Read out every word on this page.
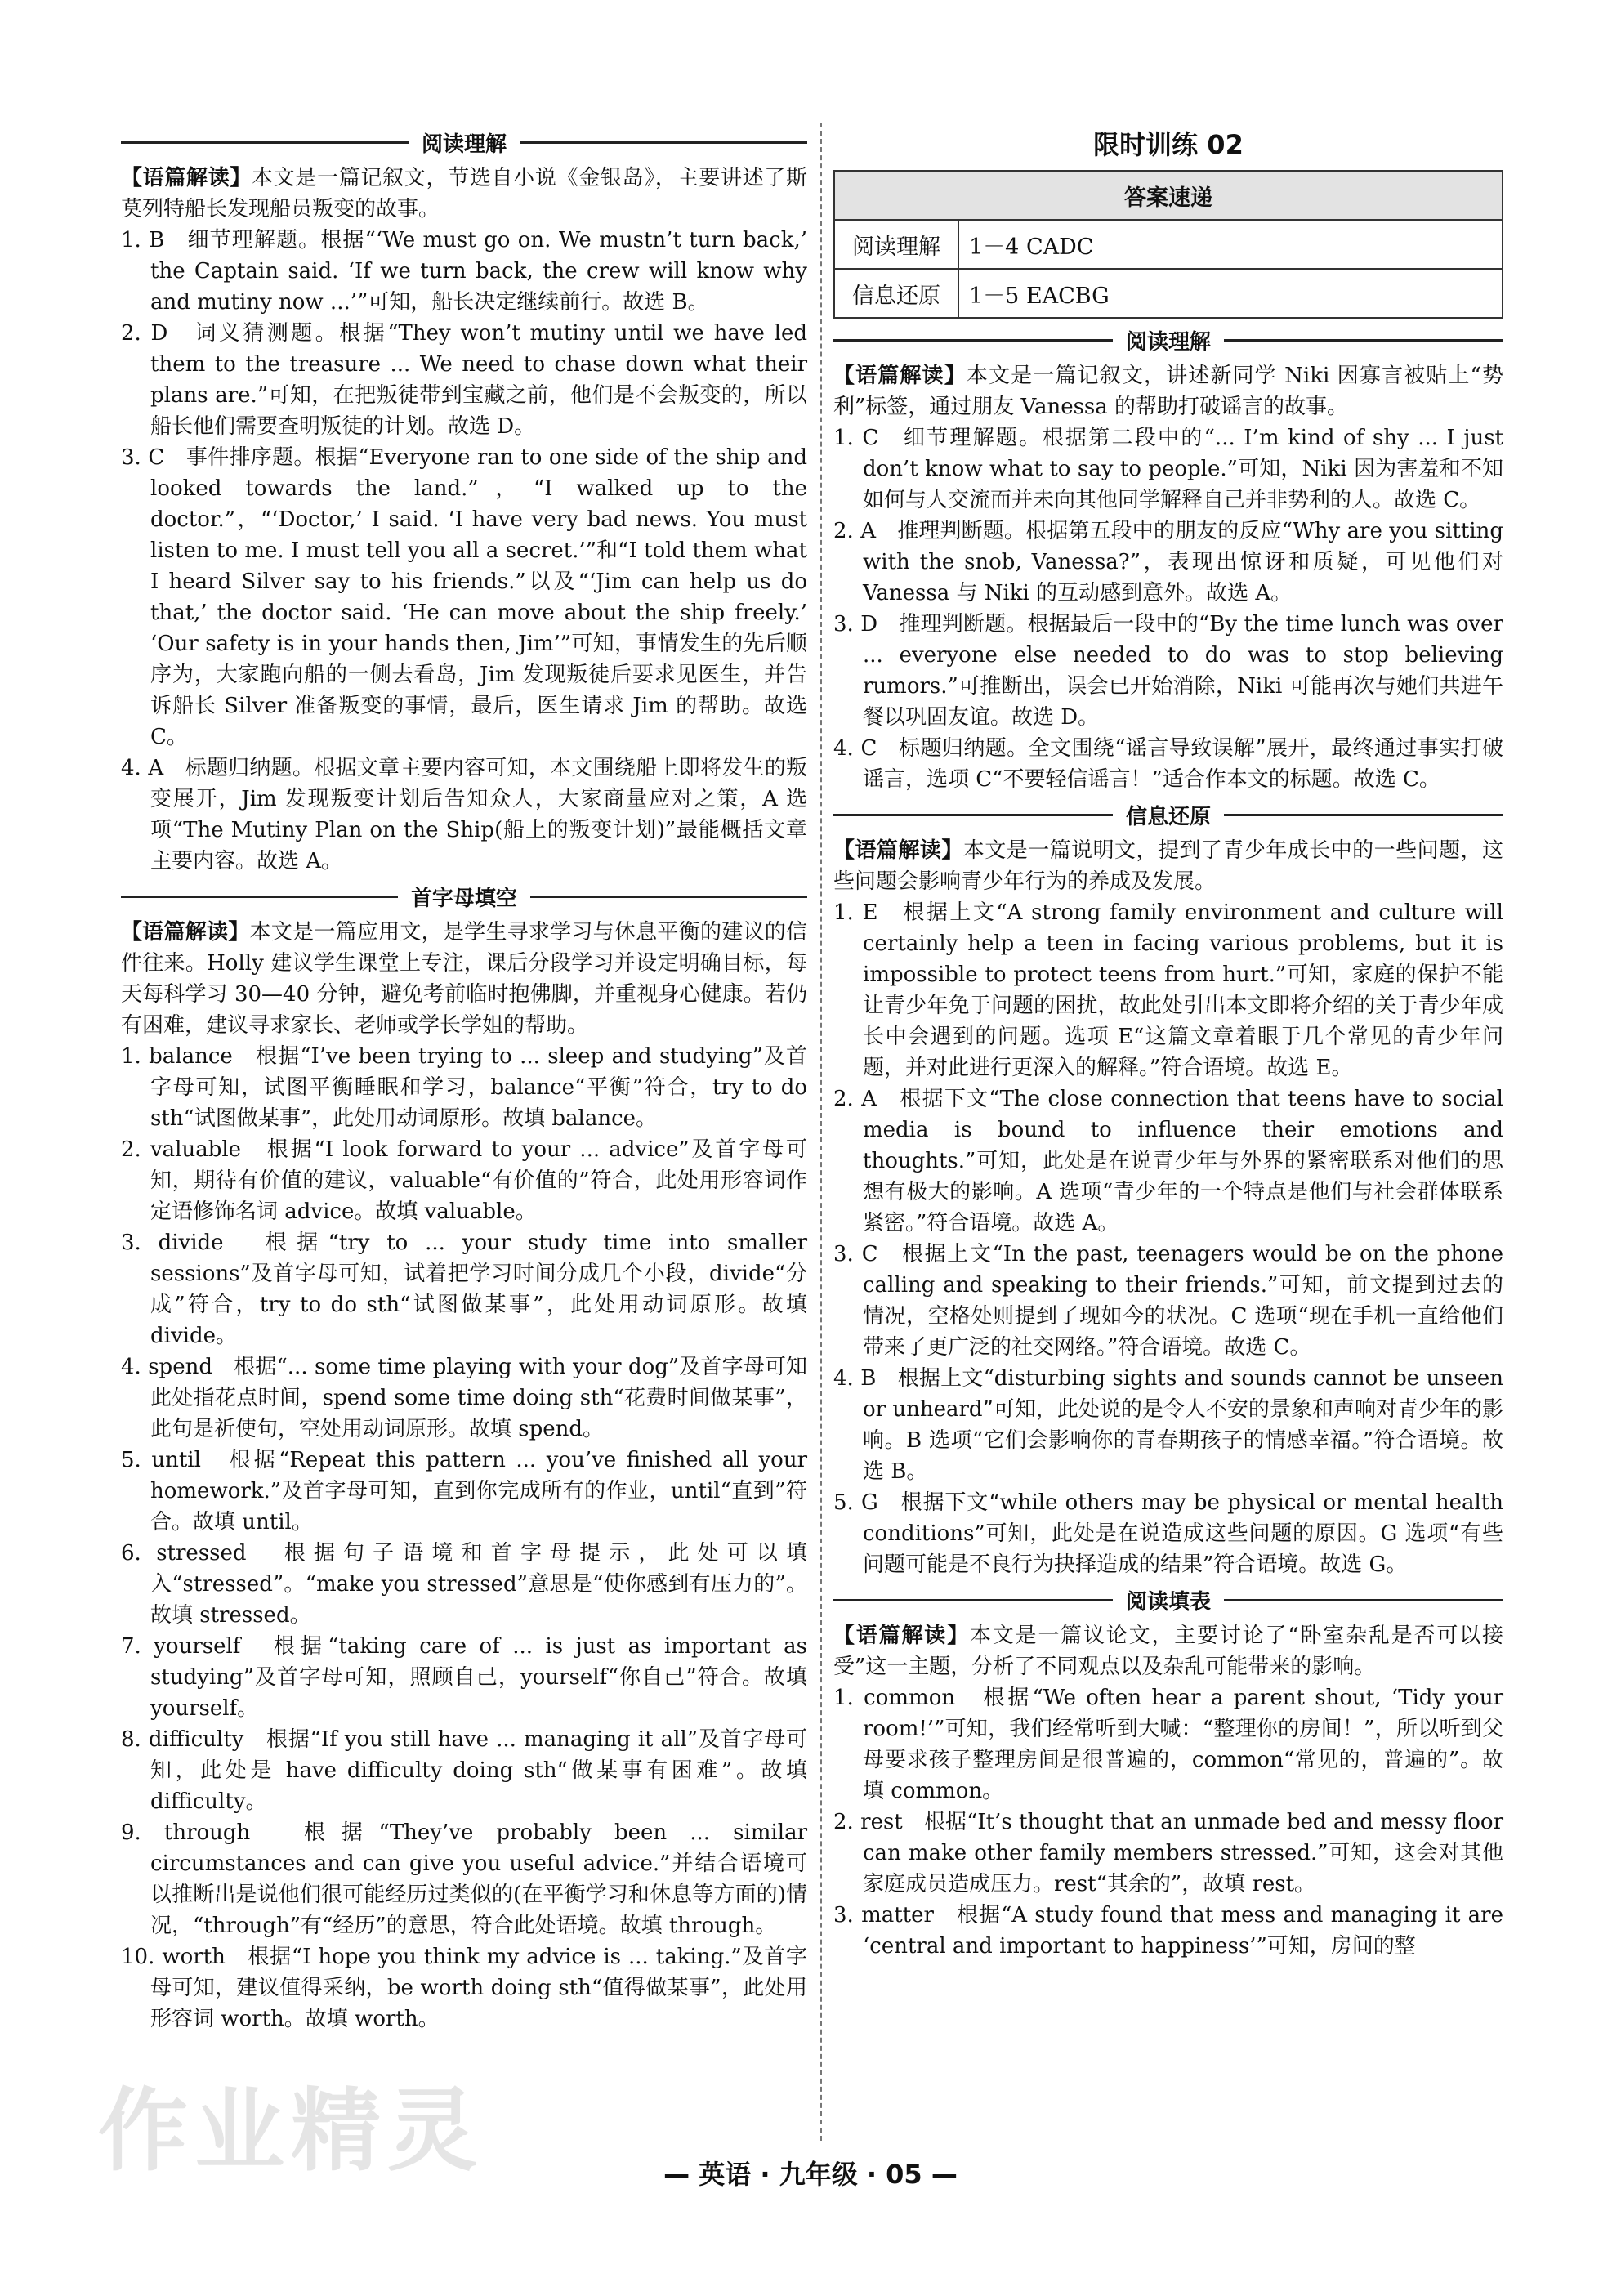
阅读理解

【语篇解读】本文是一篇记叙文，节选自小说《金银岛》，主要讲述了斯莫列特船长发现船员叛变的故事。

1. B　细节理解题。根据“‘We must go on. We mustn’t turn back,’ the Captain said. ‘If we turn back, the crew will know why and mutiny now ...’”可知，船长决定继续前行。故选 B。

2. D　词义猜测题。根据“They won’t mutiny until we have led them to the treasure ... We need to chase down what their plans are.”可知，在把叛徒带到宝藏之前，他们是不会叛变的，所以船长他们需要查明叛徒的计划。故选 D。

3. C　事件排序题。根据“Everyone ran to one side of the ship and looked towards the land.”，“I walked up to the doctor.”，“‘Doctor,’ I said. ‘I have very bad news. You must listen to me. I must tell you all a secret.’”和“I told them what I heard Silver say to his friends.”以及“‘Jim can help us do that,’ the doctor said. ‘He can move about the ship freely.’ ‘Our safety is in your hands then, Jim’”可知，事情发生的先后顺序为，大家跑向船的一侧去看岛，Jim 发现叛徒后要求见医生，并告诉船长 Silver 准备叛变的事情，最后，医生请求 Jim 的帮助。故选 C。

4. A　标题归纳题。根据文章主要内容可知，本文围绕船上即将发生的叛变展开，Jim 发现叛变计划后告知众人，大家商量应对之策，A 选项“The Mutiny Plan on the Ship(船上的叛变计划)”最能概括文章主要内容。故选 A。

首字母填空

【语篇解读】本文是一篇应用文，是学生寻求学习与休息平衡的建议的信件往来。Holly 建议学生课堂上专注，课后分段学习并设定明确目标，每天每科学习 30—40 分钟，避免考前临时抱佛脚，并重视身心健康。若仍有困难，建议寻求家长、老师或学长学姐的帮助。

1. balance　根据“I’ve been trying to ... sleep and studying”及首字母可知，试图平衡睡眠和学习，balance“平衡”符合，try to do sth“试图做某事”，此处用动词原形。故填 balance。

2. valuable　根据“I look forward to your ... advice”及首字母可知，期待有价值的建议，valuable“有价值的”符合，此处用形容词作定语修饰名词 advice。故填 valuable。

3. divide　根据“try to ... your study time into smaller sessions”及首字母可知，试着把学习时间分成几个小段，divide“分成”符合，try to do sth“试图做某事”，此处用动词原形。故填 divide。

4. spend　根据“... some time playing with your dog”及首字母可知此处指花点时间，spend some time doing sth“花费时间做某事”，此句是祈使句，空处用动词原形。故填 spend。

5. until　根据“Repeat this pattern ... you’ve finished all your homework.”及首字母可知，直到你完成所有的作业，until“直到”符合。故填 until。

6. stressed　根据句子语境和首字母提示，此处可以填入“stressed”。“make you stressed”意思是“使你感到有压力的”。故填 stressed。

7. yourself　根据“taking care of ... is just as important as studying”及首字母可知，照顾自己，yourself“你自己”符合。故填 yourself。

8. difficulty　根据“If you still have ... managing it all”及首字母可知，此处是 have difficulty doing sth“做某事有困难”。故填 difficulty。

9. through　根据“They’ve probably been ... similar circumstances and can give you useful advice.”并结合语境可以推断出是说他们很可能经历过类似的(在平衡学习和休息等方面的)情况，“through”有“经历”的意思，符合此处语境。故填 through。

10. worth　根据“I hope you think my advice is ... taking.”及首字母可知，建议值得采纳，be worth doing sth“值得做某事”，此处用形容词 worth。故填 worth。

限时训练 02
答案速递	
阅读理解	1－4 CADC
信息还原	1－5 EACBG
阅读理解

【语篇解读】本文是一篇记叙文，讲述新同学 Niki 因寡言被贴上“势利”标签，通过朋友 Vanessa 的帮助打破谣言的故事。

1. C　细节理解题。根据第二段中的“... I’m kind of shy ... I just don’t know what to say to people.”可知，Niki 因为害羞和不知如何与人交流而并未向其他同学解释自己并非势利的人。故选 C。

2. A　推理判断题。根据第五段中的朋友的反应“Why are you sitting with the snob, Vanessa?”，表现出惊讶和质疑，可见他们对 Vanessa 与 Niki 的互动感到意外。故选 A。

3. D　推理判断题。根据最后一段中的“By the time lunch was over ... everyone else needed to do was to stop believing rumors.”可推断出，误会已开始消除，Niki 可能再次与她们共进午餐以巩固友谊。故选 D。

4. C　标题归纳题。全文围绕“谣言导致误解”展开，最终通过事实打破谣言，选项 C“不要轻信谣言！”适合作本文的标题。故选 C。

信息还原

【语篇解读】本文是一篇说明文，提到了青少年成长中的一些问题，这些问题会影响青少年行为的养成及发展。

1. E　根据上文“A strong family environment and culture will certainly help a teen in facing various problems, but it is impossible to protect teens from hurt.”可知，家庭的保护不能让青少年免于问题的困扰，故此处引出本文即将介绍的关于青少年成长中会遇到的问题。选项 E“这篇文章着眼于几个常见的青少年问题，并对此进行更深入的解释。”符合语境。故选 E。

2. A　根据下文“The close connection that teens have to social media is bound to influence their emotions and thoughts.”可知，此处是在说青少年与外界的紧密联系对他们的思想有极大的影响。A 选项“青少年的一个特点是他们与社会群体联系紧密。”符合语境。故选 A。

3. C　根据上文“In the past, teenagers would be on the phone calling and speaking to their friends.”可知，前文提到过去的情况，空格处则提到了现如今的状况。C 选项“现在手机一直给他们带来了更广泛的社交网络。”符合语境。故选 C。

4. B　根据上文“disturbing sights and sounds cannot be unseen or unheard”可知，此处说的是令人不安的景象和声响对青少年的影响。B 选项“它们会影响你的青春期孩子的情感幸福。”符合语境。故选 B。

5. G　根据下文“while others may be physical or mental health conditions”可知，此处是在说造成这些问题的原因。G 选项“有些问题可能是不良行为抉择造成的结果”符合语境。故选 G。

阅读填表

【语篇解读】本文是一篇议论文，主要讨论了“卧室杂乱是否可以接受”这一主题，分析了不同观点以及杂乱可能带来的影响。

1. common　根据“We often hear a parent shout, ‘Tidy your room!’”可知，我们经常听到大喊：“整理你的房间！”，所以听到父母要求孩子整理房间是很普遍的，common“常见的，普遍的”。故填 common。

2. rest　根据“It’s thought that an unmade bed and messy floor can make other family members stressed.”可知，这会对其他家庭成员造成压力。rest“其余的”，故填 rest。

3. matter　根据“A study found that mess and managing it are ‘central and important to happiness’”可知，房间的整

作业精灵	— 英语 · 九年级 · 05 —
